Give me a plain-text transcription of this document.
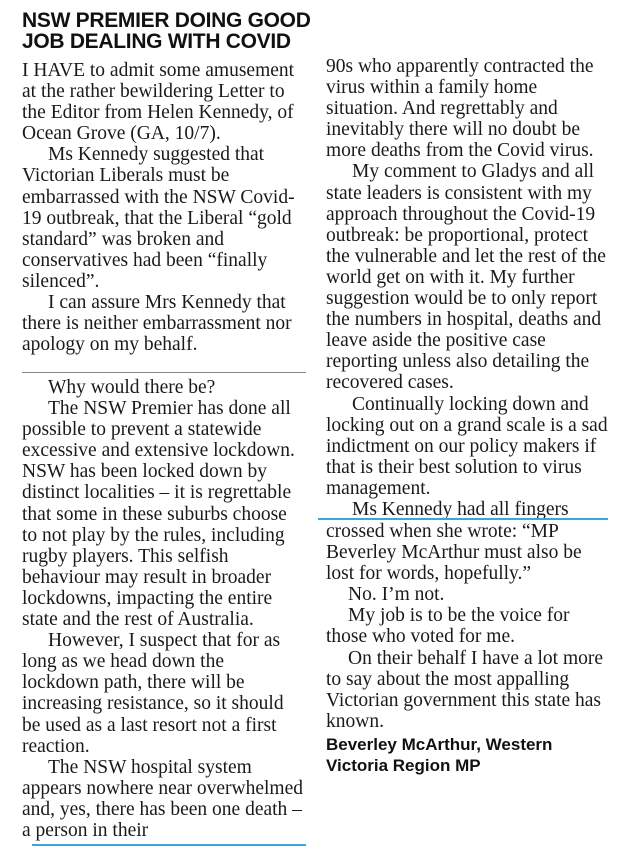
NSW PREMIER DOING GOOD
JOB DEALING WITH COVID

I HAVE to admit some amusement at the rather bewildering Letter to the Editor from Helen Kennedy, of Ocean Grove (GA, 10/7).

Ms Kennedy suggested that Victorian Liberals must be embarrassed with the NSW Covid-19 outbreak, that the Liberal “gold standard” was broken and conservatives had been “finally silenced”.

I can assure Mrs Kennedy that there is neither embarrassment nor apology on my behalf.

Why would there be?

The NSW Premier has done all possible to prevent a statewide excessive and extensive lockdown. NSW has been locked down by distinct localities – it is regrettable that some in these suburbs choose to not play by the rules, including rugby players. This selfish behaviour may result in broader lockdowns, impacting the entire state and the rest of Australia.

However, I suspect that for as long as we head down the lockdown path, there will be increasing resistance, so it should be used as a last resort not a first reaction.

The NSW hospital system appears nowhere near overwhelmed and, yes, there has been one death – a person in their

90s who apparently contracted the virus within a family home situation. And regrettably and inevitably there will no doubt be more deaths from the Covid virus.

My comment to Gladys and all state leaders is consistent with my approach throughout the Covid-19 outbreak: be proportional, protect the vulnerable and let the rest of the world get on with it. My further suggestion would be to only report the numbers in hospital, deaths and leave aside the positive case reporting unless also detailing the recovered cases.

Continually locking down and locking out on a grand scale is a sad indictment on our policy makers if that is their best solution to virus management.

Ms Kennedy had all fingers

crossed when she wrote: “MP Beverley McArthur must also be lost for words, hopefully.”

No. I’m not.

My job is to be the voice for those who voted for me.

On their behalf I have a lot more to say about the most appalling Victorian government this state has known.

Beverley McArthur, Western
Victoria Region MP
